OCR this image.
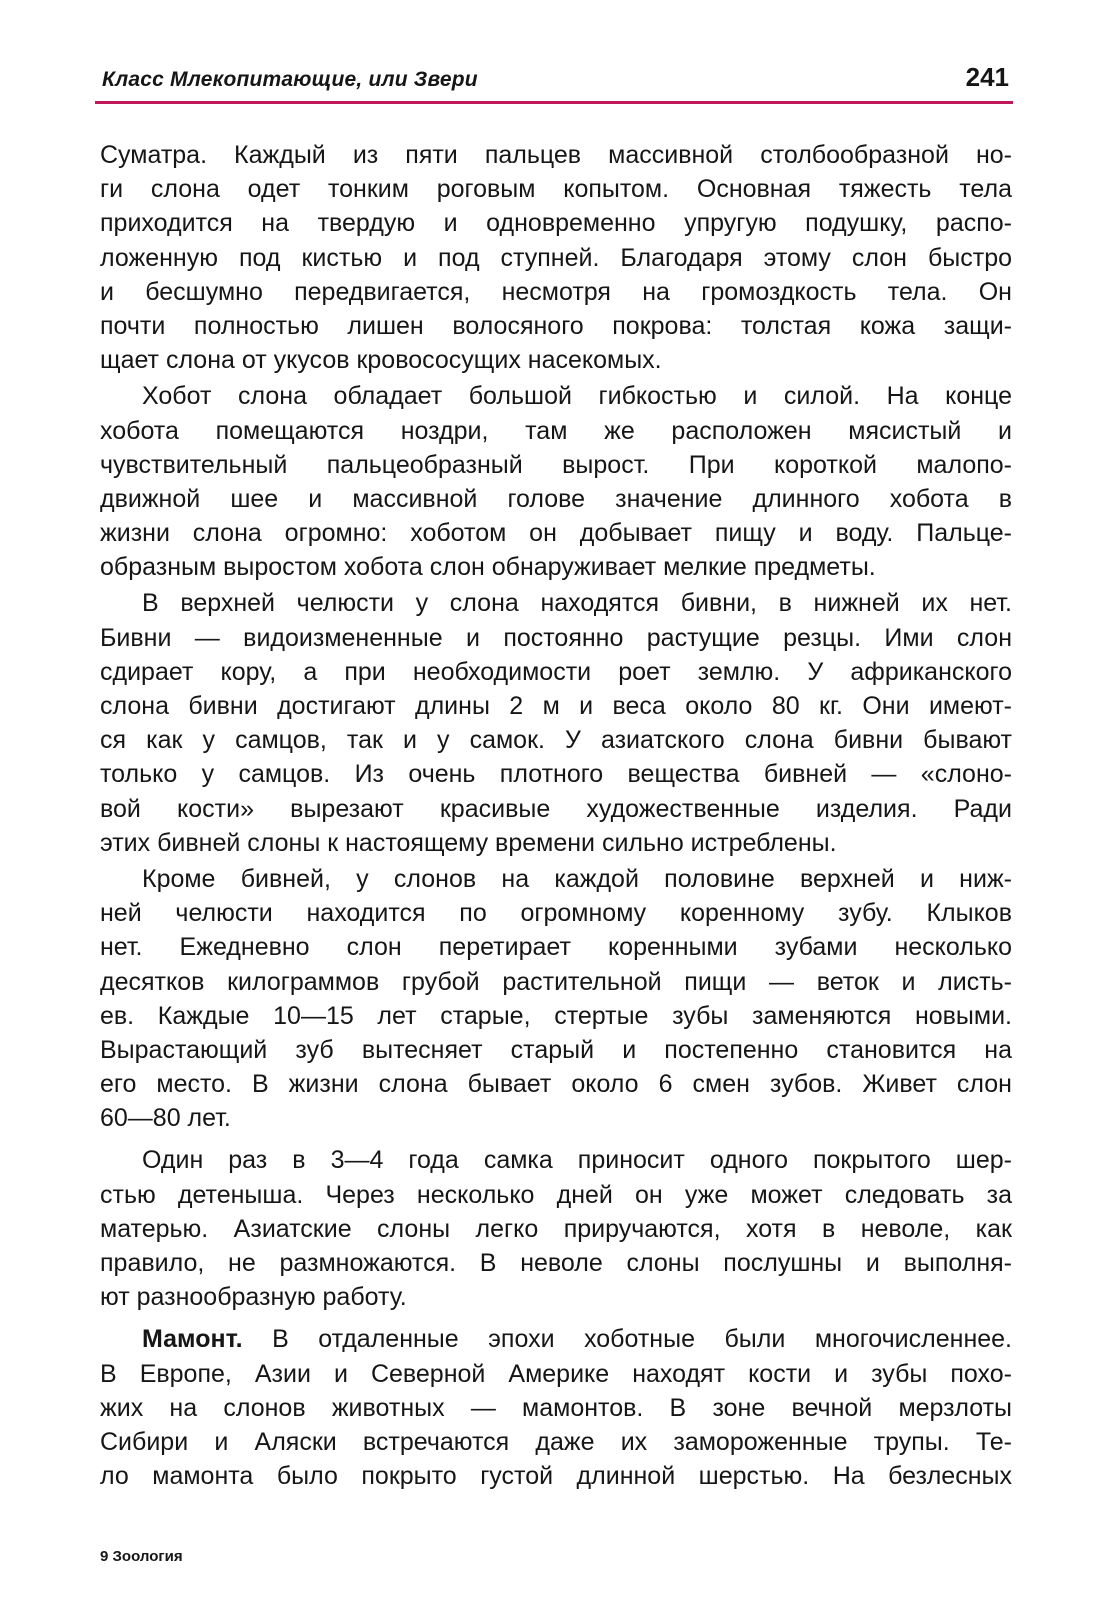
Класс Млекопитающие, или Звери	241
Суматра. Каждый из пяти пальцев массивной столбообразной но-
ги слона одет тонким роговым копытом. Основная тяжесть тела
приходится на твердую и одновременно упругую подушку, распо-
ложенную под кистью и под ступней. Благодаря этому слон быстро
и бесшумно передвигается, несмотря на громоздкость тела. Он
почти полностью лишен волосяного покрова: толстая кожа защи-
щает слона от укусов кровососущих насекомых.
Хобот слона обладает большой гибкостью и силой. На конце
хобота помещаются ноздри, там же расположен мясистый и
чувствительный пальцеобразный вырост. При короткой малопо-
движной шее и массивной голове значение длинного хобота в
жизни слона огромно: хоботом он добывает пищу и воду. Пальце-
образным выростом хобота слон обнаруживает мелкие предметы.
В верхней челюсти у слона находятся бивни, в нижней их нет.
Бивни — видоизмененные и постоянно растущие резцы. Ими слон
сдирает кору, а при необходимости роет землю. У африканского
слона бивни достигают длины 2 м и веса около 80 кг. Они имеют-
ся как у самцов, так и у самок. У азиатского слона бивни бывают
только у самцов. Из очень плотного вещества бивней — «слоно-
вой кости» вырезают красивые художественные изделия. Ради
этих бивней слоны к настоящему времени сильно истреблены.
Кроме бивней, у слонов на каждой половине верхней и ниж-
ней челюсти находится по огромному коренному зубу. Клыков
нет. Ежедневно слон перетирает коренными зубами несколько
десятков килограммов грубой растительной пищи — веток и листь-
ев. Каждые 10—15 лет старые, стертые зубы заменяются новыми.
Вырастающий зуб вытесняет старый и постепенно становится на
его место. В жизни слона бывает около 6 смен зубов. Живет слон
60—80 лет.
Один раз в 3—4 года самка приносит одного покрытого шер-
стью детеныша. Через несколько дней он уже может следовать за
матерью. Азиатские слоны легко приручаются, хотя в неволе, как
правило, не размножаются. В неволе слоны послушны и выполня-
ют разнообразную работу.
Мамонт. В отдаленные эпохи хоботные были многочисленнее.
В Европе, Азии и Северной Америке находят кости и зубы похо-
жих на слонов животных — мамонтов. В зоне вечной мерзлоты
Сибири и Аляски встречаются даже их замороженные трупы. Те-
ло мамонта было покрыто густой длинной шерстью. На безлесных
9 Зоология
